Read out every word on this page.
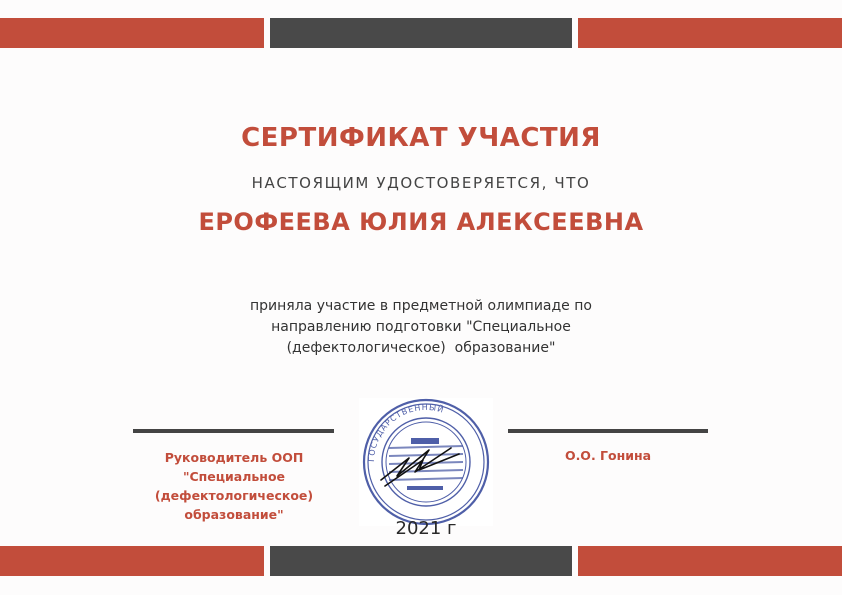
СЕРТИФИКАТ УЧАСТИЯ
НАСТОЯЩИМ УДОСТОВЕРЯЕТСЯ, ЧТО
ЕРОФЕЕВА ЮЛИЯ АЛЕКСЕЕВНА
приняла участие в предметной олимпиаде по
направлению подготовки "Специальное
(дефектологическое)  образование"
Руководитель ООП
"Специальное
(дефектологическое)
образование"
О.О. Гонина
ГОСУДАРСТВЕННЫЙ
2021 г
